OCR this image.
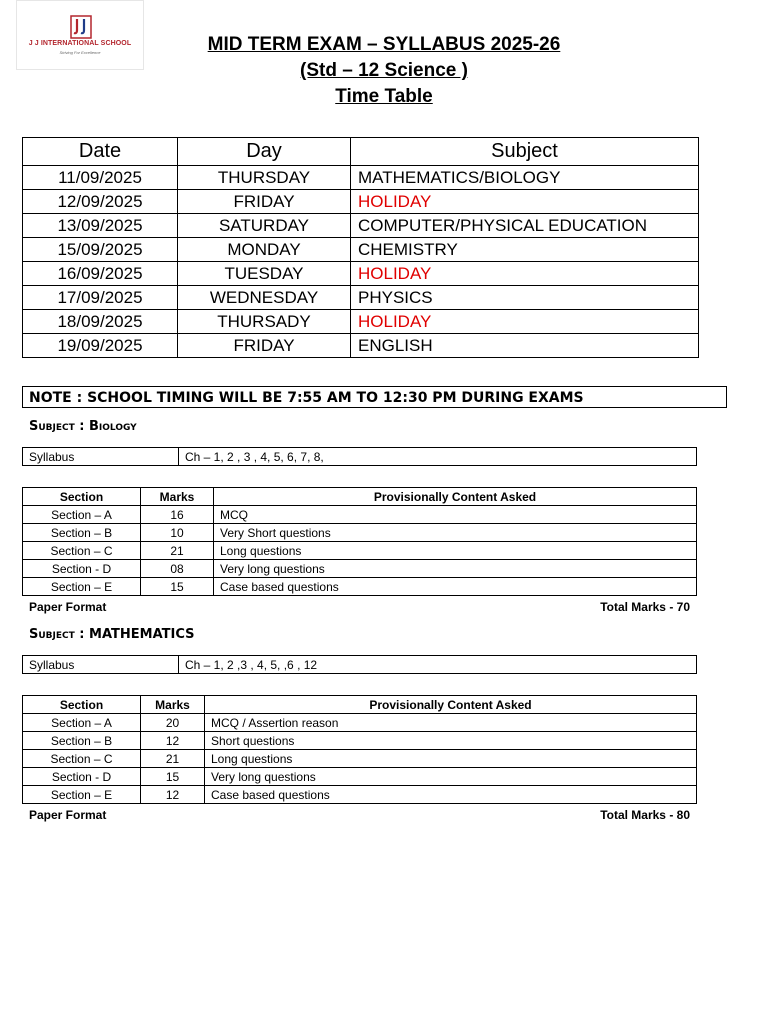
J J INTERNATIONAL SCHOOL
Striving For Excellence	MID TERM EXAM – SYLLABUS 2025-26
(Std – 12 Science )
Time Table
Date	Day	Subject
11/09/2025	THURSDAY	MATHEMATICS/BIOLOGY
12/09/2025	FRIDAY	HOLIDAY
13/09/2025	SATURDAY	COMPUTER/PHYSICAL EDUCATION
15/09/2025	MONDAY	CHEMISTRY
16/09/2025	TUESDAY	HOLIDAY
17/09/2025	WEDNESDAY	PHYSICS
18/09/2025	THURSADY	HOLIDAY
19/09/2025	FRIDAY	ENGLISH
NOTE : SCHOOL TIMING WILL BE 7:55 AM TO 12:30 PM DURING EXAMS
Subject : Biology
Syllabus	Ch – 1, 2 , 3 , 4, 5, 6, 7, 8,
Section	Marks	Provisionally Content Asked
Section – A	16	MCQ
Section – B	10	Very Short questions
Section – C	21	Long questions
Section - D	08	Very long questions
Section – E	15	Case based questions
Paper Format	Total Marks - 70
Subject : MATHEMATICS
Syllabus	Ch – 1, 2 ,3 , 4, 5, ,6 , 12
Section	Marks	Provisionally Content Asked
Section – A	20	MCQ / Assertion reason
Section – B	12	Short questions
Section – C	21	Long questions
Section - D	15	Very long questions
Section – E	12	Case based questions
Paper Format	Total Marks - 80
